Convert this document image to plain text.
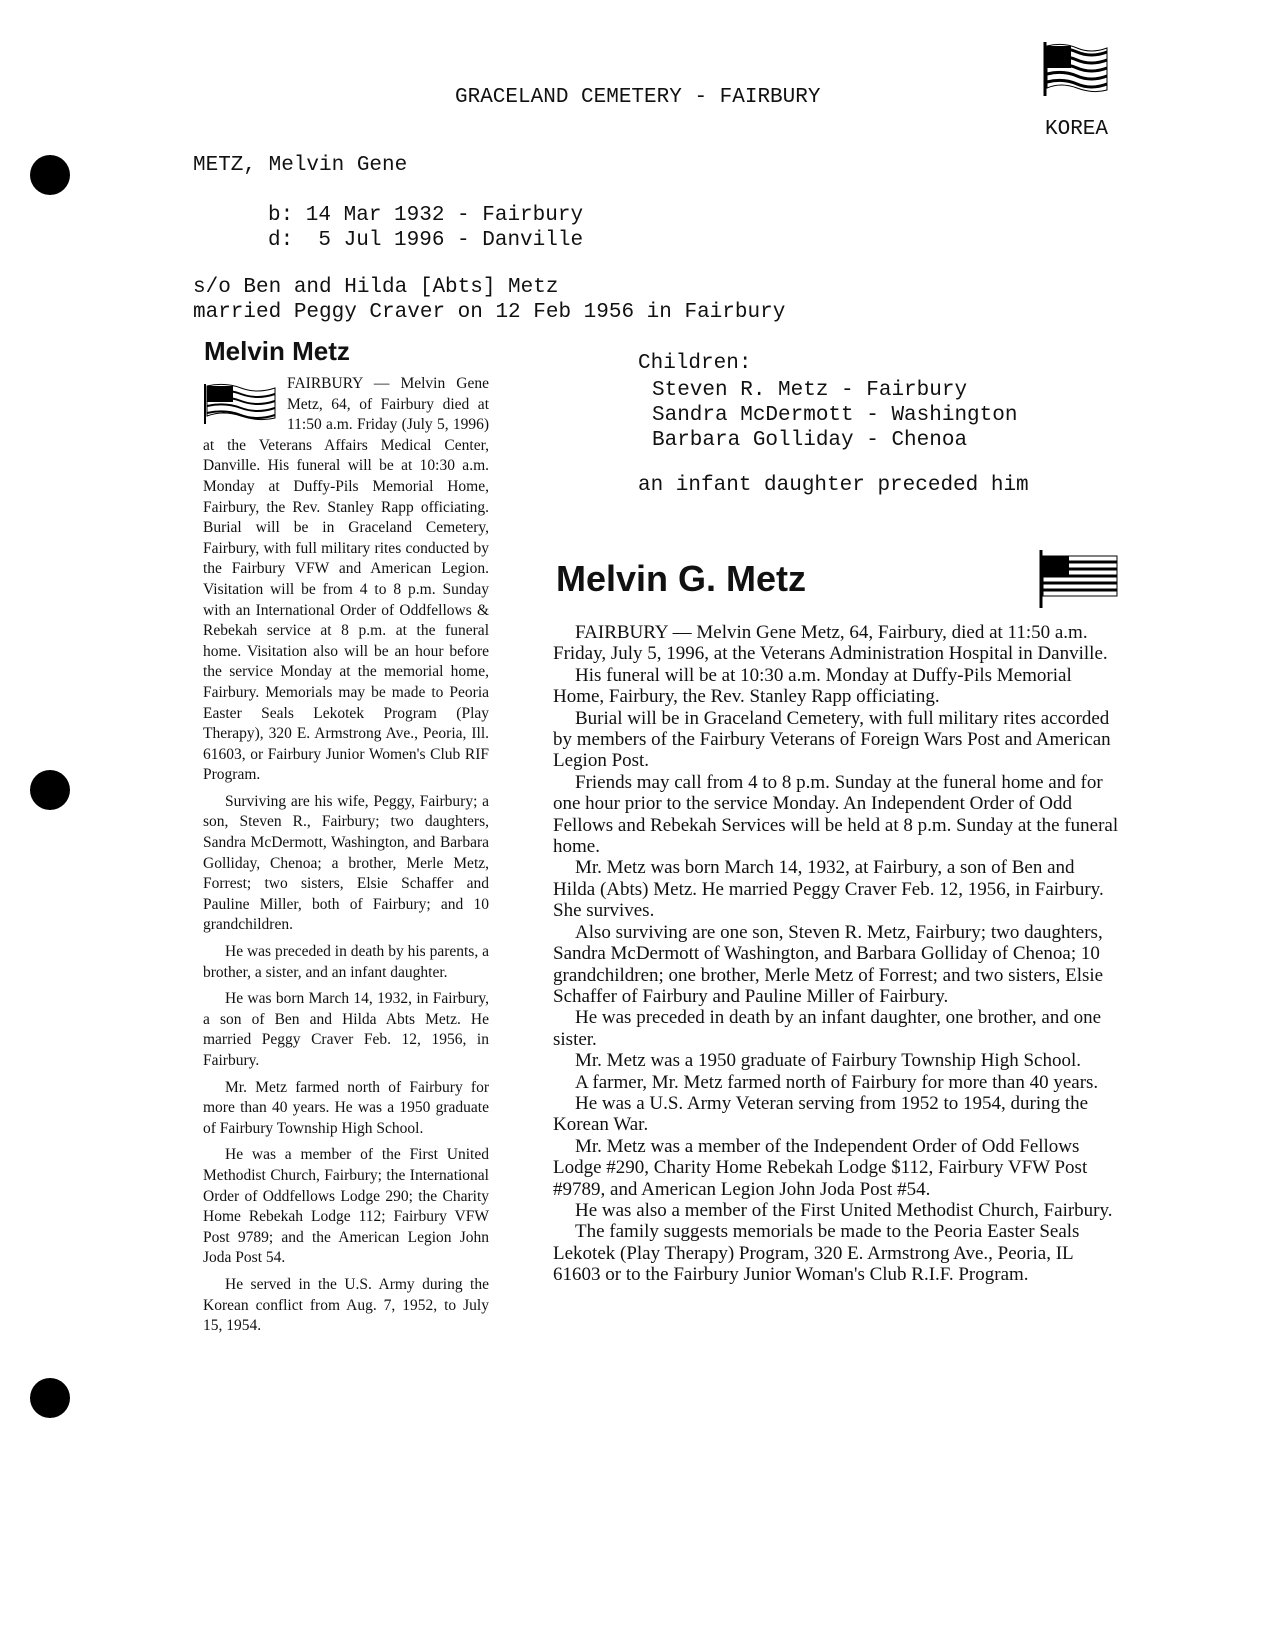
GRACELAND CEMETERY - FAIRBURY
KOREA
METZ, Melvin Gene
b: 14 Mar 1932 - Fairbury
d:  5 Jul 1996 - Danville
s/o Ben and Hilda [Abts] Metz
married Peggy Craver on 12 Feb 1956 in Fairbury
Children:
Steven R. Metz - Fairbury
Sandra McDermott - Washington
Barbara Golliday - Chenoa
an infant daughter preceded him
Melvin Metz

FAIRBURY — Melvin Gene Metz, 64, of Fairbury died at 11:50 a.m. Friday (July 5, 1996) at the Veterans Affairs Medical Center, Danville. His funeral will be at 10:30 a.m. Monday at Duffy-Pils Memorial Home, Fairbury, the Rev. Stanley Rapp officiating. Burial will be in Graceland Cemetery, Fairbury, with full military rites conducted by the Fairbury VFW and American Legion. Visitation will be from 4 to 8 p.m. Sunday with an International Order of Oddfellows & Rebekah service at 8 p.m. at the funeral home. Visitation also will be an hour before the service Monday at the memorial home, Fairbury. Memorials may be made to Peoria Easter Seals Lekotek Program (Play Therapy), 320 E. Armstrong Ave., Peoria, Ill. 61603, or Fairbury Junior Women's Club RIF Program.

Surviving are his wife, Peggy, Fairbury; a son, Steven R., Fairbury; two daughters, Sandra McDermott, Washington, and Barbara Golliday, Chenoa; a brother, Merle Metz, Forrest; two sisters, Elsie Schaffer and Pauline Miller, both of Fairbury; and 10 grandchildren.

He was preceded in death by his parents, a brother, a sister, and an infant daughter.

He was born March 14, 1932, in Fairbury, a son of Ben and Hilda Abts Metz. He married Peggy Craver Feb. 12, 1956, in Fairbury.

Mr. Metz farmed north of Fairbury for more than 40 years. He was a 1950 graduate of Fairbury Township High School.

He was a member of the First United Methodist Church, Fairbury; the International Order of Oddfellows Lodge 290; the Charity Home Rebekah Lodge 112; Fairbury VFW Post 9789; and the American Legion John Joda Post 54.

He served in the U.S. Army during the Korean conflict from Aug. 7, 1952, to July 15, 1954.

Melvin G. Metz

FAIRBURY — Melvin Gene Metz, 64, Fairbury, died at 11:50 a.m. Friday, July 5, 1996, at the Veterans Administration Hospital in Danville.

His funeral will be at 10:30 a.m. Monday at Duffy-Pils Memorial Home, Fairbury, the Rev. Stanley Rapp officiating.

Burial will be in Graceland Cemetery, with full military rites accorded by members of the Fairbury Veterans of Foreign Wars Post and American Legion Post.

Friends may call from 4 to 8 p.m. Sunday at the funeral home and for one hour prior to the service Monday. An Independent Order of Odd Fellows and Rebekah Services will be held at 8 p.m. Sunday at the funeral home.

Mr. Metz was born March 14, 1932, at Fairbury, a son of Ben and Hilda (Abts) Metz. He married Peggy Craver Feb. 12, 1956, in Fairbury. She survives.

Also surviving are one son, Steven R. Metz, Fairbury; two daughters, Sandra McDermott of Washington, and Barbara Golliday of Chenoa; 10 grandchildren; one brother, Merle Metz of Forrest; and two sisters, Elsie Schaffer of Fairbury and Pauline Miller of Fairbury.

He was preceded in death by an infant daughter, one brother, and one sister.

Mr. Metz was a 1950 graduate of Fairbury Township High School.

A farmer, Mr. Metz farmed north of Fairbury for more than 40 years.

He was a U.S. Army Veteran serving from 1952 to 1954, during the Korean War.

Mr. Metz was a member of the Independent Order of Odd Fellows Lodge #290, Charity Home Rebekah Lodge $112, Fairbury VFW Post #9789, and American Legion John Joda Post #54.

He was also a member of the First United Methodist Church, Fairbury.

The family suggests memorials be made to the Peoria Easter Seals Lekotek (Play Therapy) Program, 320 E. Armstrong Ave., Peoria, IL 61603 or to the Fairbury Junior Woman's Club R.I.F. Program.
